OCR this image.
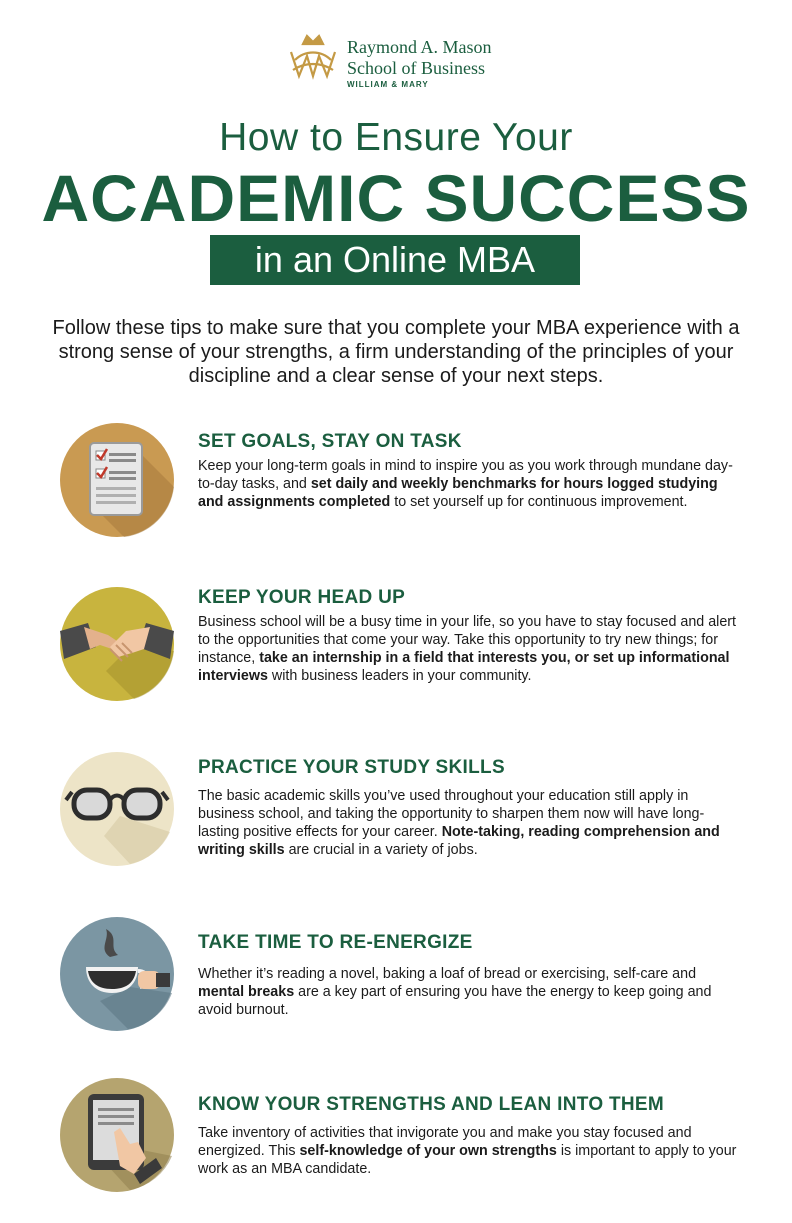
Raymond A. Mason
School of Business
WILLIAM & MARY
How to Ensure Your
ACADEMIC SUCCESS
in an Online MBA
Follow these tips to make sure that you complete your MBA experience with a strong sense of your strengths, a firm understanding of the principles of your discipline and a clear sense of your next steps.
SET GOALS, STAY ON TASK
Keep your long-term goals in mind to inspire you as you work through mundane day-to-day tasks, and set daily and weekly benchmarks for hours logged studying and assignments completed to set yourself up for continuous improvement.
KEEP YOUR HEAD UP
Business school will be a busy time in your life, so you have to stay focused and alert to the opportunities that come your way. Take this opportunity to try new things; for instance, take an internship in a field that interests you, or set up informational interviews with business leaders in your community.
PRACTICE YOUR STUDY SKILLS
The basic academic skills you’ve used throughout your education still apply in business school, and taking the opportunity to sharpen them now will have long-lasting positive effects for your career. Note-taking, reading comprehension and writing skills are crucial in a variety of jobs.
TAKE TIME TO RE-ENERGIZE
Whether it’s reading a novel, baking a loaf of bread or exercising, self-care and mental breaks are a key part of ensuring you have the energy to keep going and avoid burnout.
KNOW YOUR STRENGTHS AND LEAN INTO THEM
Take inventory of activities that invigorate you and make you stay focused and energized. This self-knowledge of your own strengths is important to apply to your work as an MBA candidate.
